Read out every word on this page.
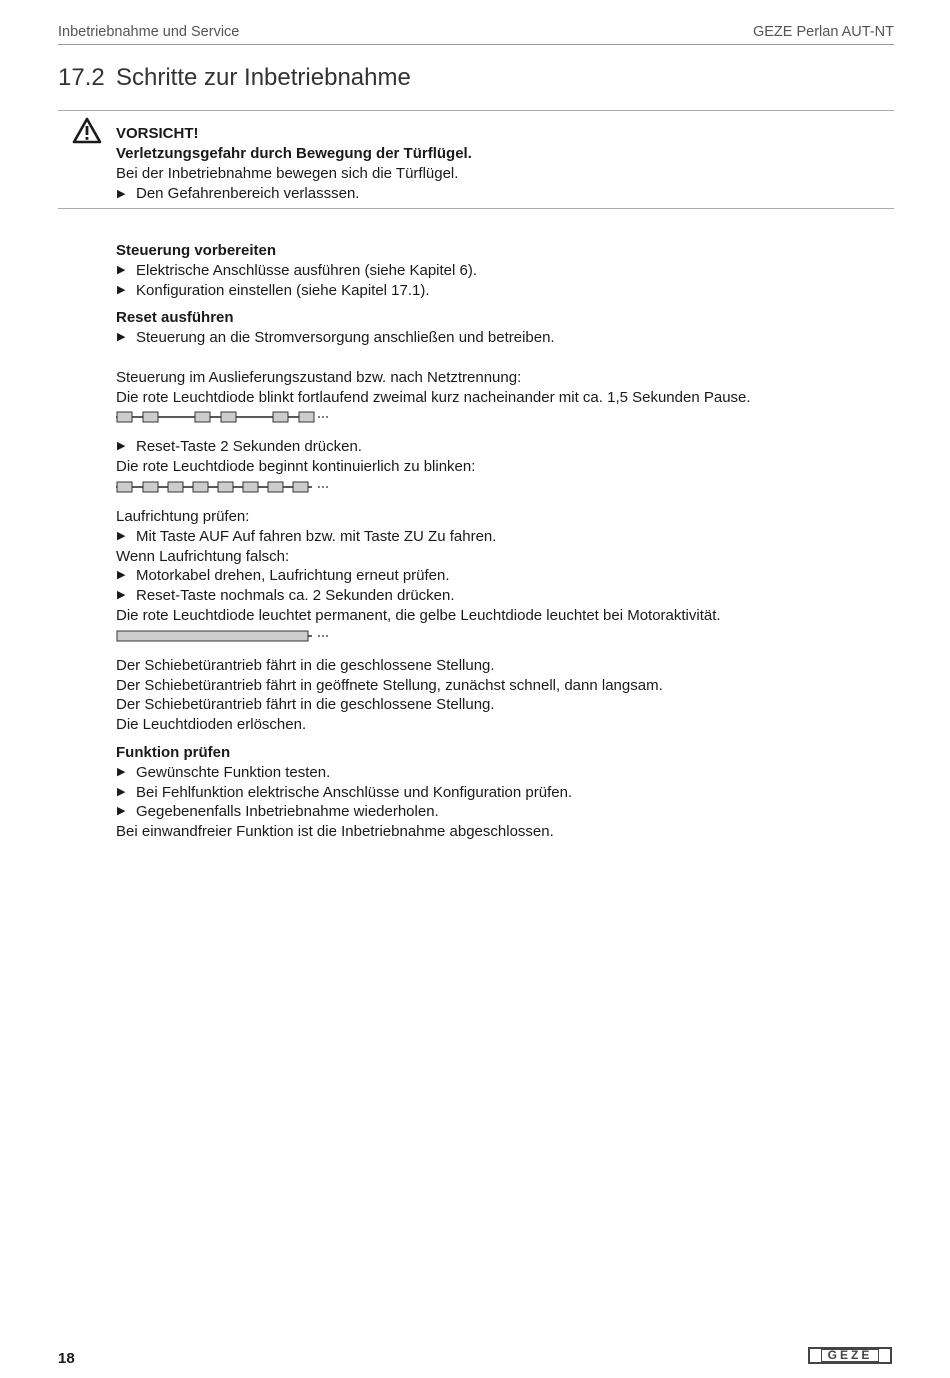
Inbetriebnahme und Service	GEZE Perlan AUT-NT
17.2 Schritte zur Inbetriebnahme
VORSICHT!
Verletzungsgefahr durch Bewegung der Türflügel.
Bei der Inbetriebnahme bewegen sich die Türflügel.
▶ Den Gefahrenbereich verlasssen.
Steuerung vorbereiten
▶ Elektrische Anschlüsse ausführen (siehe Kapitel 6).
▶ Konfiguration einstellen (siehe Kapitel 17.1).
Reset ausführen
▶ Steuerung an die Stromversorgung anschließen und betreiben.
Steuerung im Auslieferungszustand bzw. nach Netztrennung:
Die rote Leuchtdiode blinkt fortlaufend zweimal kurz nacheinander mit ca. 1,5 Sekunden Pause.
▶ Reset-Taste 2 Sekunden drücken.
Die rote Leuchtdiode beginnt kontinuierlich zu blinken:
Laufrichtung prüfen:
▶ Mit Taste AUF Auf fahren bzw. mit Taste ZU Zu fahren.
Wenn Laufrichtung falsch:
▶ Motorkabel drehen, Laufrichtung erneut prüfen.
▶ Reset-Taste nochmals ca. 2 Sekunden drücken.
Die rote Leuchtdiode leuchtet permanent, die gelbe Leuchtdiode leuchtet bei Motoraktivität.
Der Schiebetürantrieb fährt in die geschlossene Stellung.
Der Schiebetürantrieb fährt in geöffnete Stellung, zunächst schnell, dann langsam.
Der Schiebetürantrieb fährt in die geschlossene Stellung.
Die Leuchtdioden erlöschen.
Funktion prüfen
▶ Gewünschte Funktion testen.
▶ Bei Fehlfunktion elektrische Anschlüsse und Konfiguration prüfen.
▶ Gegebenenfalls Inbetriebnahme wiederholen.
Bei einwandfreier Funktion ist die Inbetriebnahme abgeschlossen.
18	GEZE
